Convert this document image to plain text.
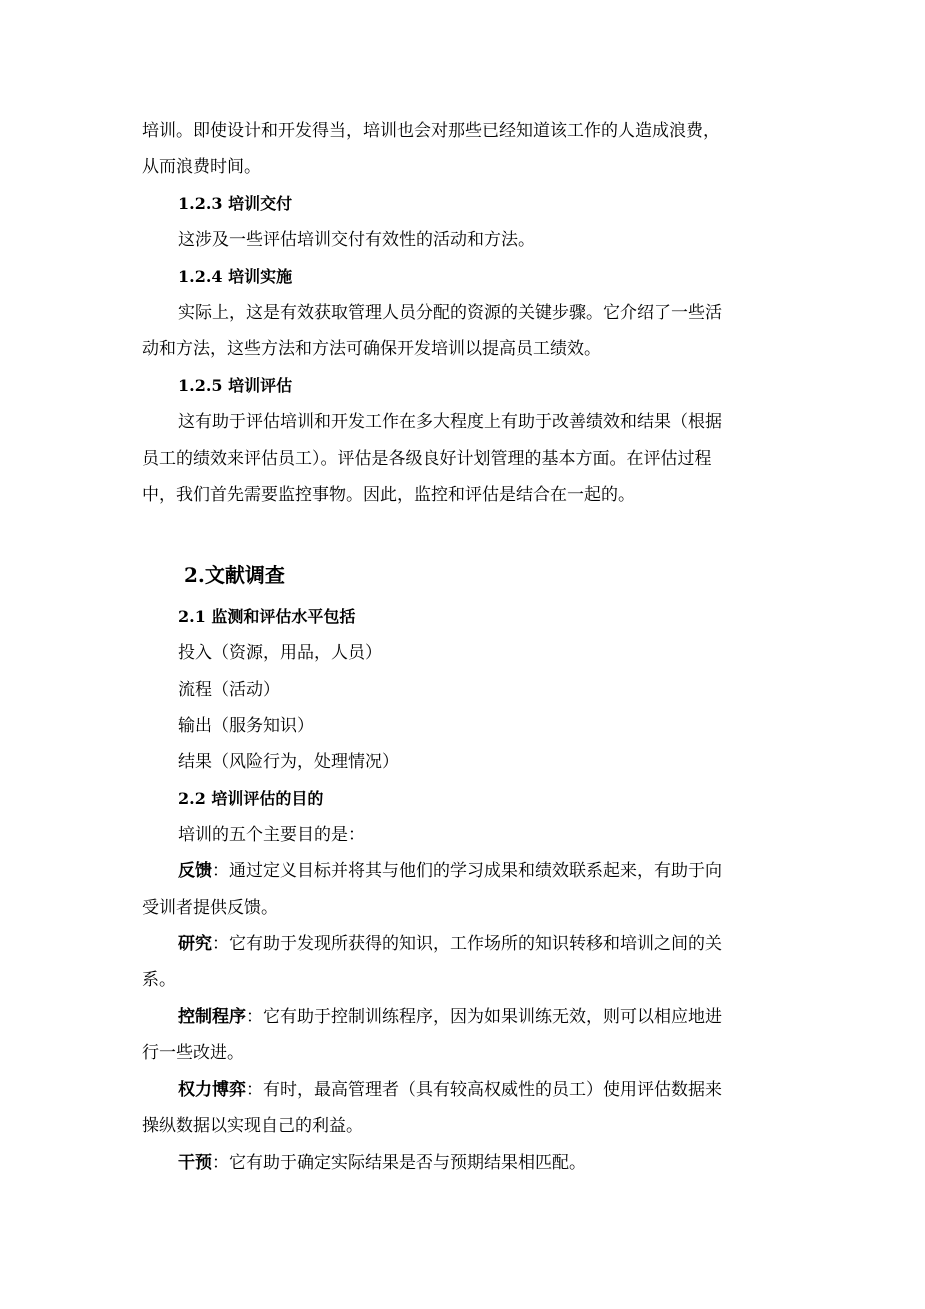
培训。即使设计和开发得当，培训也会对那些已经知道该工作的人造成浪费，
从而浪费时间。
1.2.3 培训交付
这涉及一些评估培训交付有效性的活动和方法。
1.2.4 培训实施
实际上，这是有效获取管理人员分配的资源的关键步骤。它介绍了一些活
动和方法，这些方法和方法可确保开发培训以提高员工绩效。
1.2.5 培训评估
这有助于评估培训和开发工作在多大程度上有助于改善绩效和结果（根据
员工的绩效来评估员工）。评估是各级良好计划管理的基本方面。在评估过程
中，我们首先需要监控事物。因此，监控和评估是结合在一起的。
2.文献调查
2.1 监测和评估水平包括
投入（资源，用品，人员）
流程（活动）
输出（服务知识）
结果（风险行为，处理情况）
2.2 培训评估的目的
培训的五个主要目的是：
反馈：通过定义目标并将其与他们的学习成果和绩效联系起来，有助于向
受训者提供反馈。
研究：它有助于发现所获得的知识，工作场所的知识转移和培训之间的关
系。
控制程序：它有助于控制训练程序，因为如果训练无效，则可以相应地进
行一些改进。
权力博弈：有时，最高管理者（具有较高权威性的员工）使用评估数据来
操纵数据以实现自己的利益。
干预：它有助于确定实际结果是否与预期结果相匹配。
